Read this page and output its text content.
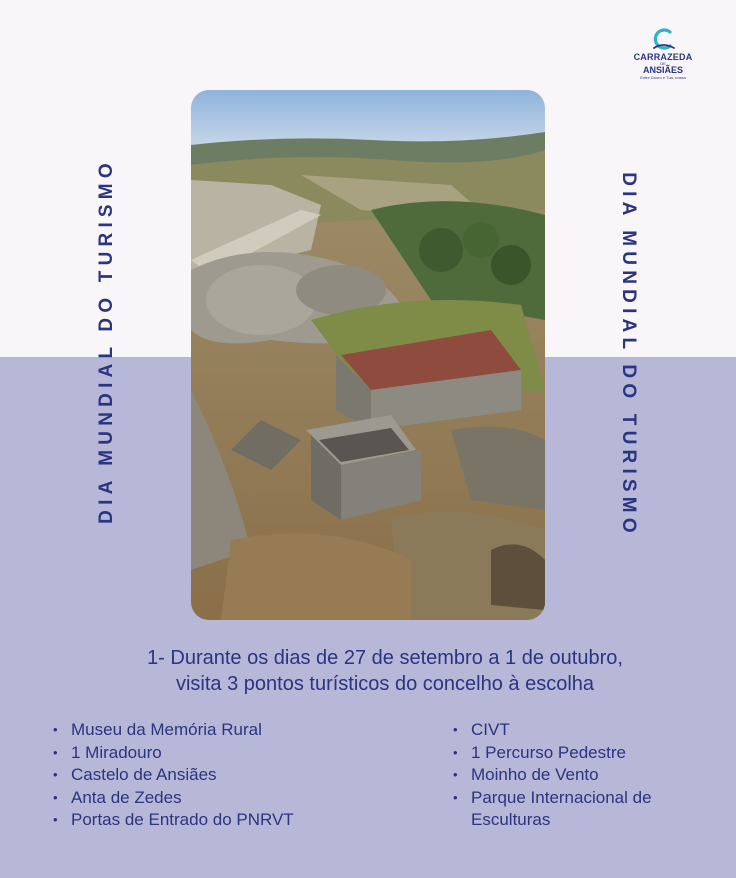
CARRAZEDA
DE
ANSIÃES
Entre Douro e Tua, nossa
DIA MUNDIAL DO TURISMO	DIA MUNDIAL DO TURISMO
1- Durante os dias de 27 de setembro a 1 de outubro,
visita 3 pontos turísticos do concelho à escolha
• Museu da Memória Rural
• 1 Miradouro
• Castelo de Ansiães
• Anta de Zedes
• Portas de Entrado do PNRVT
• CIVT
• 1 Percurso Pedestre
• Moinho de Vento
• Parque Internacional de Esculturas
